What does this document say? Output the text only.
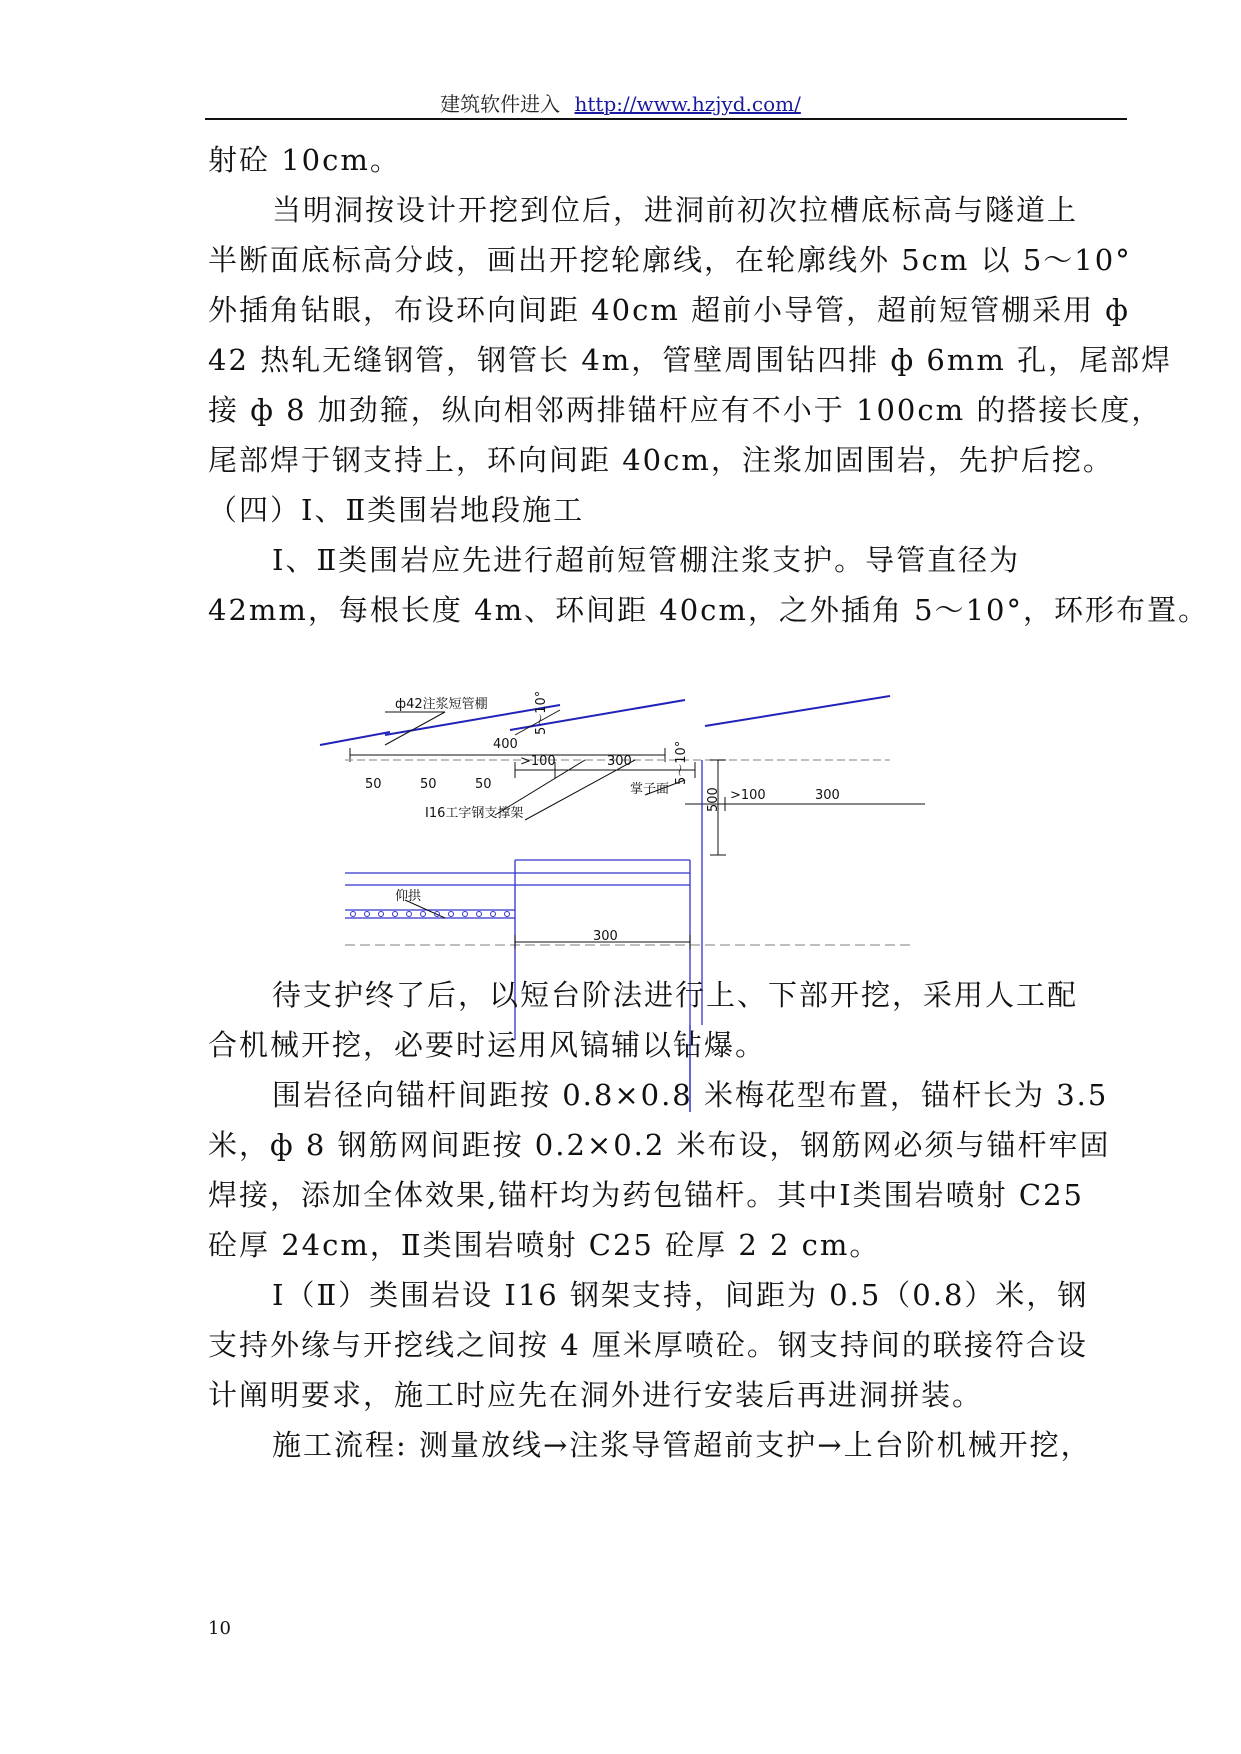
建筑软件进入 http://www.hzjyd.com/
射砼 10cm。
当明洞按设计开挖到位后，进洞前初次拉槽底标高与隧道上
半断面底标高分歧，画出开挖轮廓线，在轮廓线外 5cm 以 5～10°
外插角钻眼，布设环向间距 40cm 超前小导管，超前短管棚采用 ф
42 热轧无缝钢管，钢管长 4m，管壁周围钻四排 ф 6mm 孔，尾部焊
接 ф 8 加劲箍，纵向相邻两排锚杆应有不小于 100cm 的搭接长度，
尾部焊于钢支持上，环向间距 40cm，注浆加固围岩，先护后挖。
（四）Ⅰ、Ⅱ类围岩地段施工
Ⅰ、Ⅱ类围岩应先进行超前短管棚注浆支护。导管直径为
42mm，每根长度 4m、环间距 40cm，之外插角 5～10°，环形布置。
400
>100	300
>100	300
ф42注浆短管棚	5～10°
5～10°
50	50	50
I16工字钢支撑架
掌子面	500
仰拱
300
待支护终了后，以短台阶法进行上、下部开挖，采用人工配
合机械开挖，必要时运用风镐辅以钻爆。
围岩径向锚杆间距按 0.8×0.8 米梅花型布置，锚杆长为 3.5
米，ф 8 钢筋网间距按 0.2×0.2 米布设，钢筋网必须与锚杆牢固
焊接，添加全体效果,锚杆均为药包锚杆。其中Ⅰ类围岩喷射 C25
砼厚 24cm，Ⅱ类围岩喷射 C25 砼厚 2 2 cm。
Ⅰ（Ⅱ）类围岩设 I16 钢架支持，间距为 0.5（0.8）米，钢
支持外缘与开挖线之间按 4 厘米厚喷砼。钢支持间的联接符合设
计阐明要求，施工时应先在洞外进行安装后再进洞拼装。
施工流程: 测量放线→注浆导管超前支护→上台阶机械开挖，
10
